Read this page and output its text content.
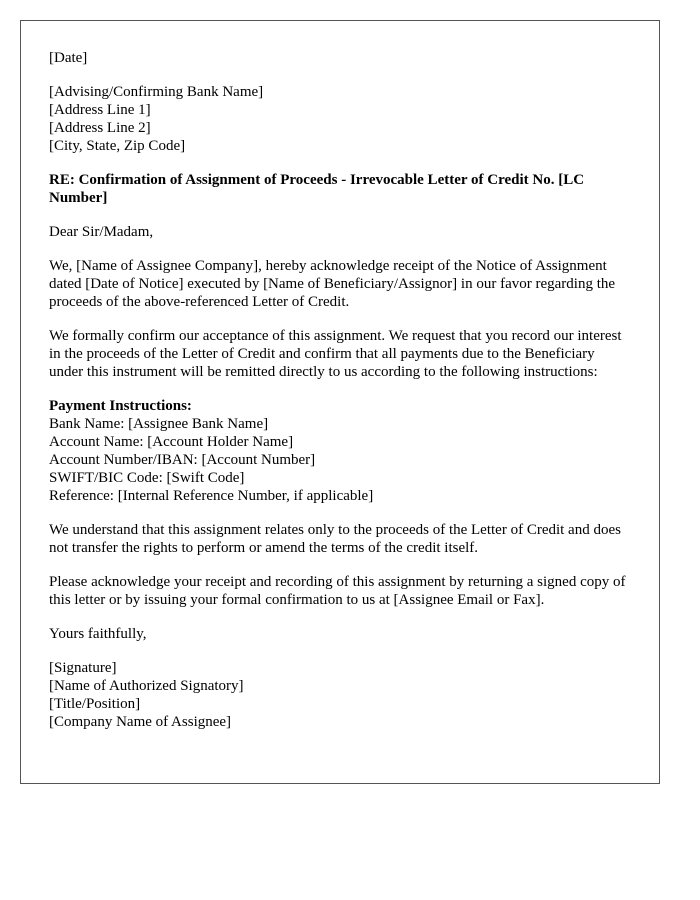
[Date]
[Advising/Confirming Bank Name]
[Address Line 1]
[Address Line 2]
[City, State, Zip Code]

RE: Confirmation of Assignment of Proceeds - Irrevocable Letter of Credit No. [LC Number]

Dear Sir/Madam,

We, [Name of Assignee Company], hereby acknowledge receipt of the Notice of Assignment dated [Date of Notice] executed by [Name of Beneficiary/Assignor] in our favor regarding the proceeds of the above-referenced Letter of Credit.

We formally confirm our acceptance of this assignment. We request that you record our interest in the proceeds of the Letter of Credit and confirm that all payments due to the Beneficiary under this instrument will be remitted directly to us according to the following instructions:

Payment Instructions:
Bank Name: [Assignee Bank Name]
Account Name: [Account Holder Name]
Account Number/IBAN: [Account Number]
SWIFT/BIC Code: [Swift Code]
Reference: [Internal Reference Number, if applicable]

We understand that this assignment relates only to the proceeds of the Letter of Credit and does not transfer the rights to perform or amend the terms of the credit itself.

Please acknowledge your receipt and recording of this assignment by returning a signed copy of this letter or by issuing your formal confirmation to us at [Assignee Email or Fax].

Yours faithfully,

[Signature]
[Name of Authorized Signatory]
[Title/Position]
[Company Name of Assignee]
